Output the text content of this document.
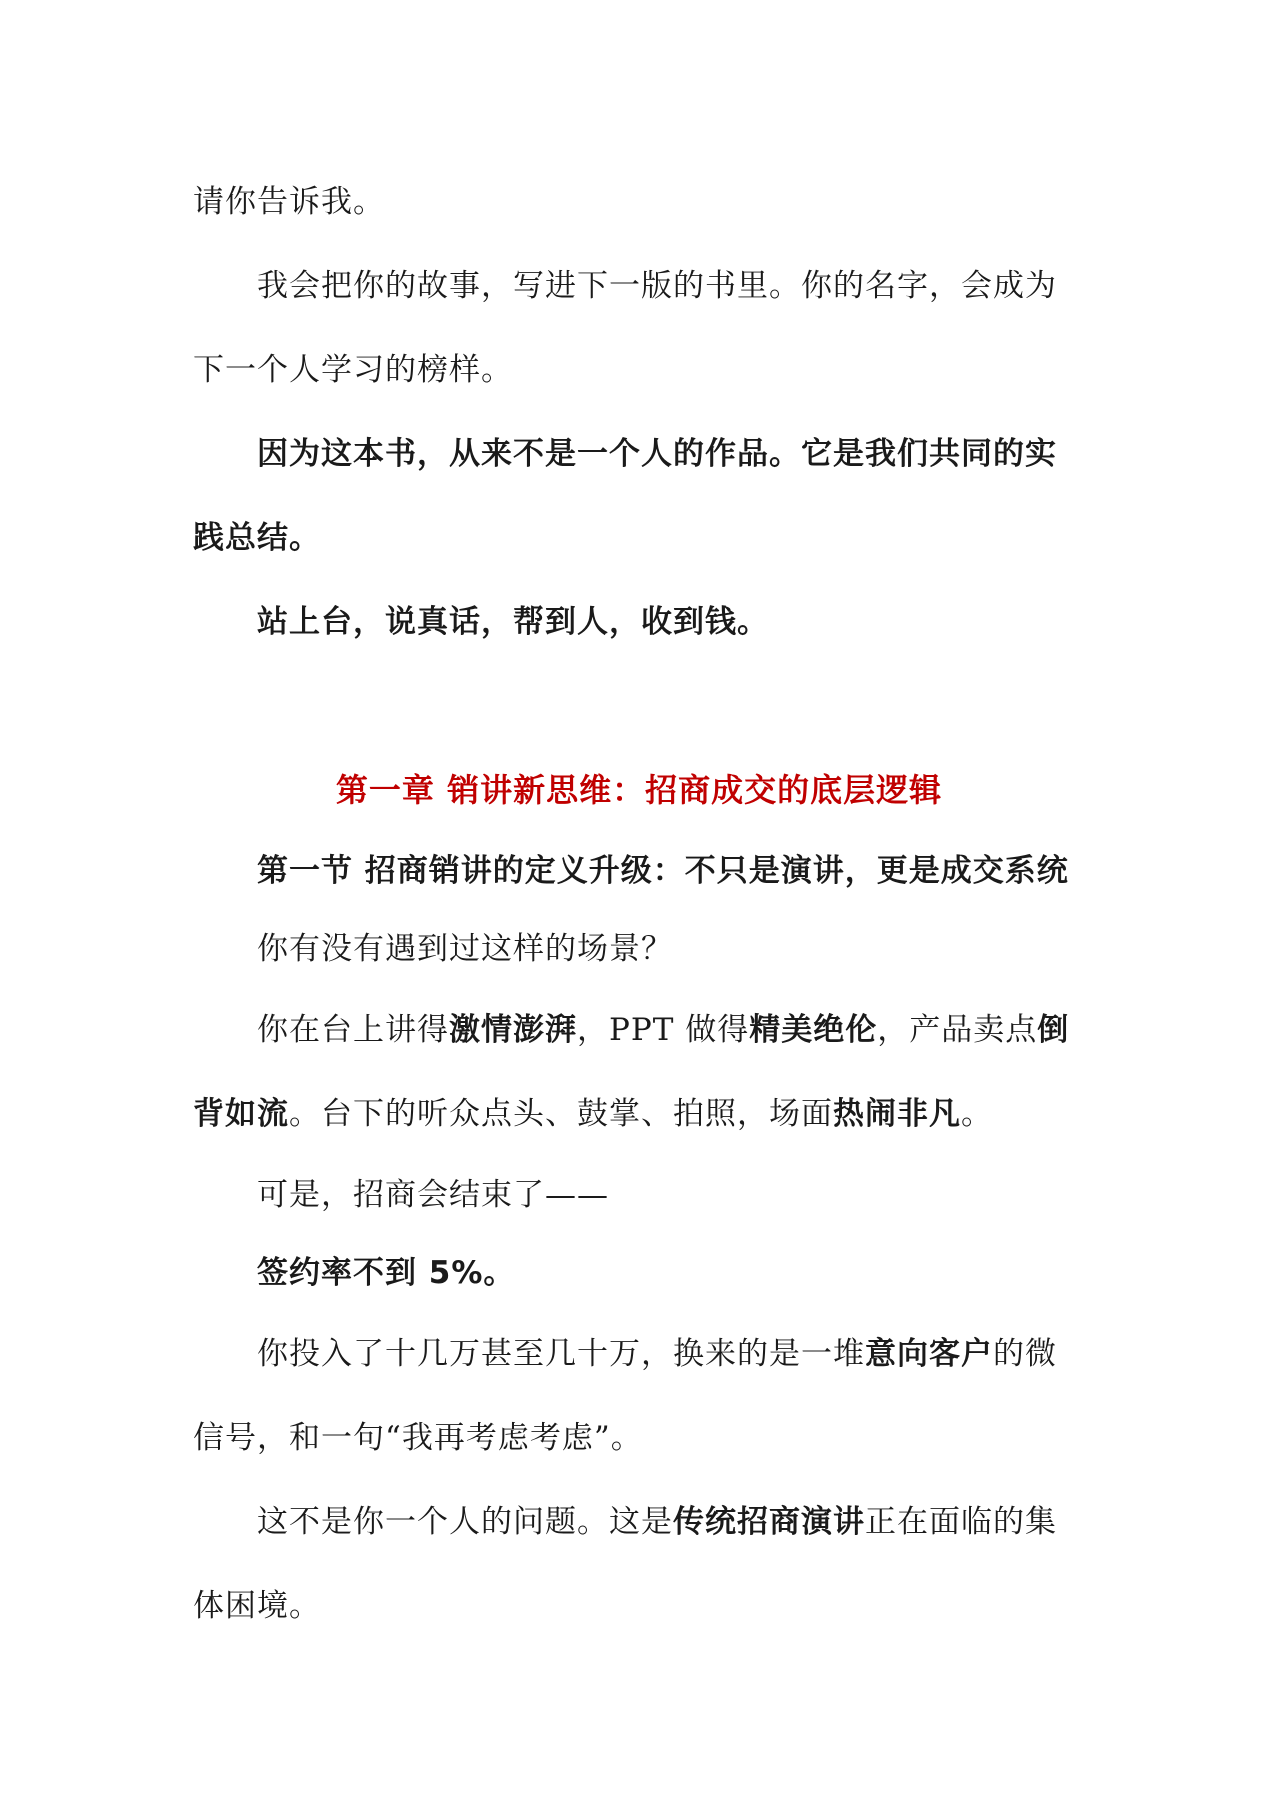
请你告诉我。

我会把你的故事，写进下一版的书里。你的名字，会成为下一个人学习的榜样。

因为这本书，从来不是一个人的作品。它是我们共同的实践总结。

站上台，说真话，帮到人，收到钱。

第一章 销讲新思维：招商成交的底层逻辑
第一节 招商销讲的定义升级：不只是演讲，更是成交系统

你有没有遇到过这样的场景？

你在台上讲得激情澎湃，PPT 做得精美绝伦，产品卖点倒背如流。台下的听众点头、鼓掌、拍照，场面热闹非凡。

可是，招商会结束了——

签约率不到 5%。

你投入了十几万甚至几十万，换来的是一堆意向客户的微信号，和一句“我再考虑考虑”。

这不是你一个人的问题。这是传统招商演讲正在面临的集体困境。
